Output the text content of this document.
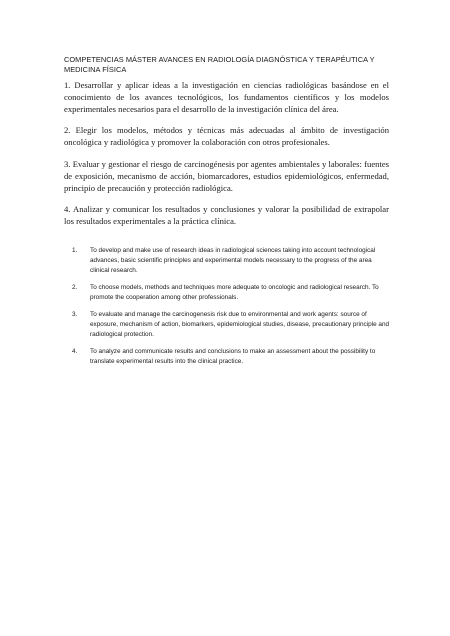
COMPETENCIAS MÁSTER AVANCES EN RADIOLOGÍA DIAGNÓSTICA Y TERAPÉUTICA Y MEDICINA FÍSICA

1. Desarrollar y aplicar ideas a la investigación en ciencias radiológicas basándose en el conocimiento de los avances tecnológicos, los fundamentos científicos y los modelos experimentales necesarios para el desarrollo de la investigación clínica del área.

2. Elegir los modelos, métodos y técnicas más adecuadas al ámbito de investigación oncológica y radiológica y promover la colaboración con otros profesionales.

3. Evaluar y gestionar el riesgo de carcinogénesis por agentes ambientales y laborales: fuentes de exposición, mecanismo de acción, biomarcadores, estudios epidemiológicos, enfermedad, principio de precaución y protección radiológica.

4. Analizar y comunicar los resultados y conclusiones y valorar la posibilidad de extrapolar los resultados experimentales a la práctica clínica.

1.	To develop and make use of research ideas in radiological sciences taking into account technological advances, basic scientific principles and experimental models necessary to the progress of the area clinical research.
2.	To choose models, methods and techniques more adequate to oncologic and radiological research. To promote the cooperation among other professionals.
3.	To evaluate and manage the carcinogenesis risk due to environmental and work agents: source of exposure, mechanism of action, biomarkers, epidemiological studies, disease, precautionary principle and radiological protection.
4.	To analyze and communicate results and conclusions to make an assessment about the possibility to translate experimental results into the clinical practice.
